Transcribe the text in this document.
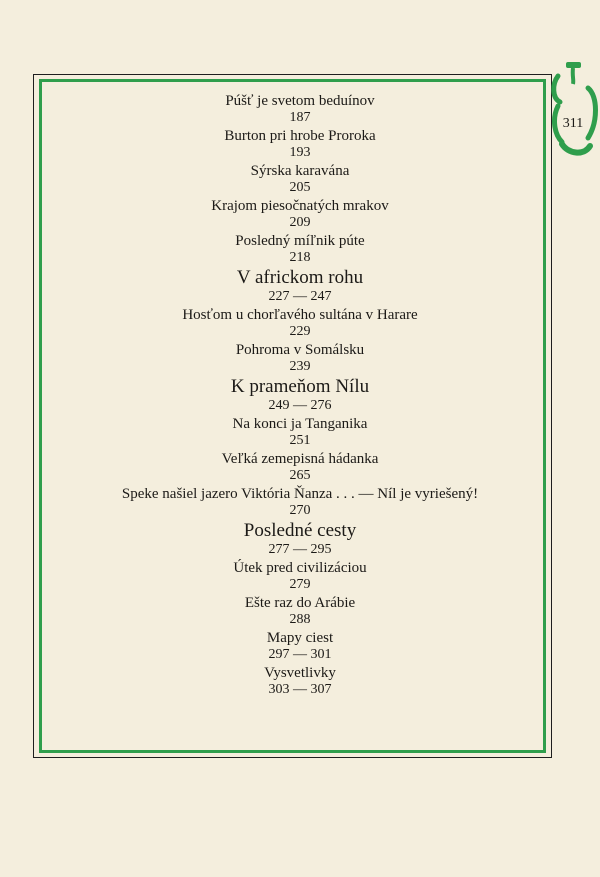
Púšť je svetom beduínov
187
Burton pri hrobe Proroka
193
Sýrska karavána
205
Krajom piesočnatých mrakov
209
Posledný míľnik púte
218
V africkom rohu
227 — 247
Hosťom u chorľavého sultána v Harare
229
Pohroma v Somálsku
239
K prameňom Nílu
249 — 276
Na konci ja Tanganika
251
Veľká zemepisná hádanka
265
Speke našiel jazero Viktória Ňanza . . . — Níl je vyriešený!
270
Posledné cesty
277 — 295
Útek pred civilizáciou
279
Ešte raz do Arábie
288
Mapy ciest
297 — 301
Vysvetlivky
303 — 307
311
